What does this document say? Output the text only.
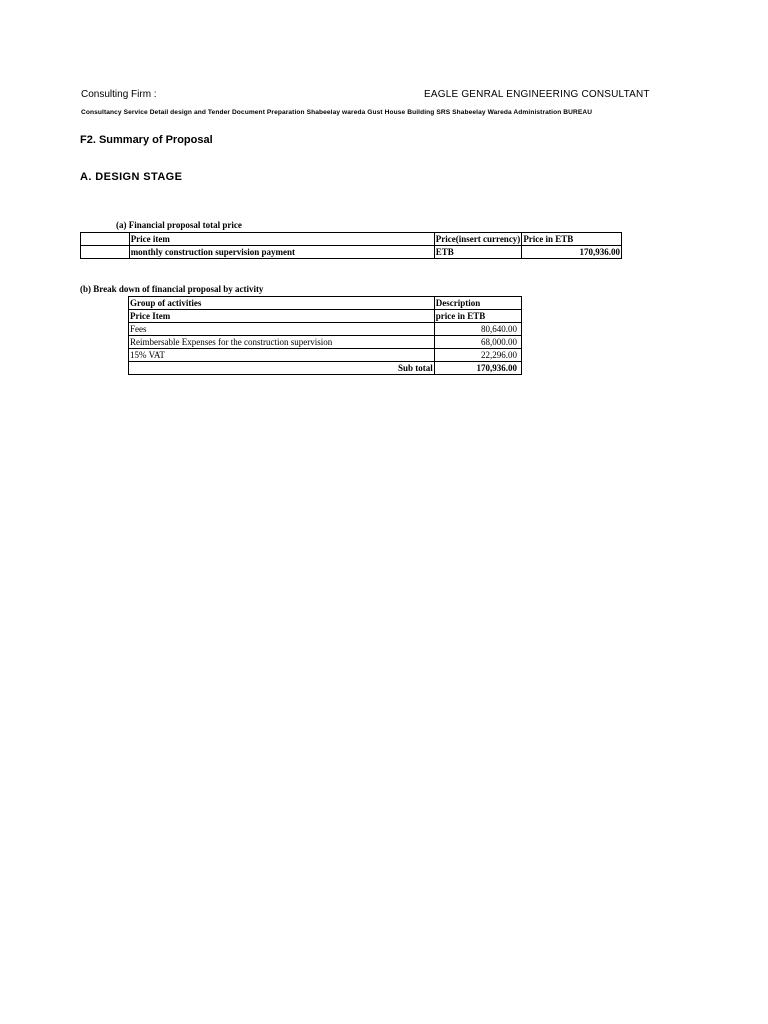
Consulting Firm :	EAGLE GENRAL ENGINEERING CONSULTANT
Consultancy Service Detail design and Tender Document Preparation Shabeelay wareda Gust House Building SRS Shabeelay Wareda Administration BUREAU
F2. Summary of Proposal
A. DESIGN STAGE
(a) Financial proposal total price
	Price item	Price(insert currency)	Price in ETB
	monthly construction supervision payment	ETB	170,936.00
(b) Break down of financial proposal by activity
Group of activities	Description
Price Item	price in ETB
Fees	80,640.00
Reimbersable Expenses for the construction supervision	68,000.00
15% VAT	22,296.00
Sub total	170,936.00
